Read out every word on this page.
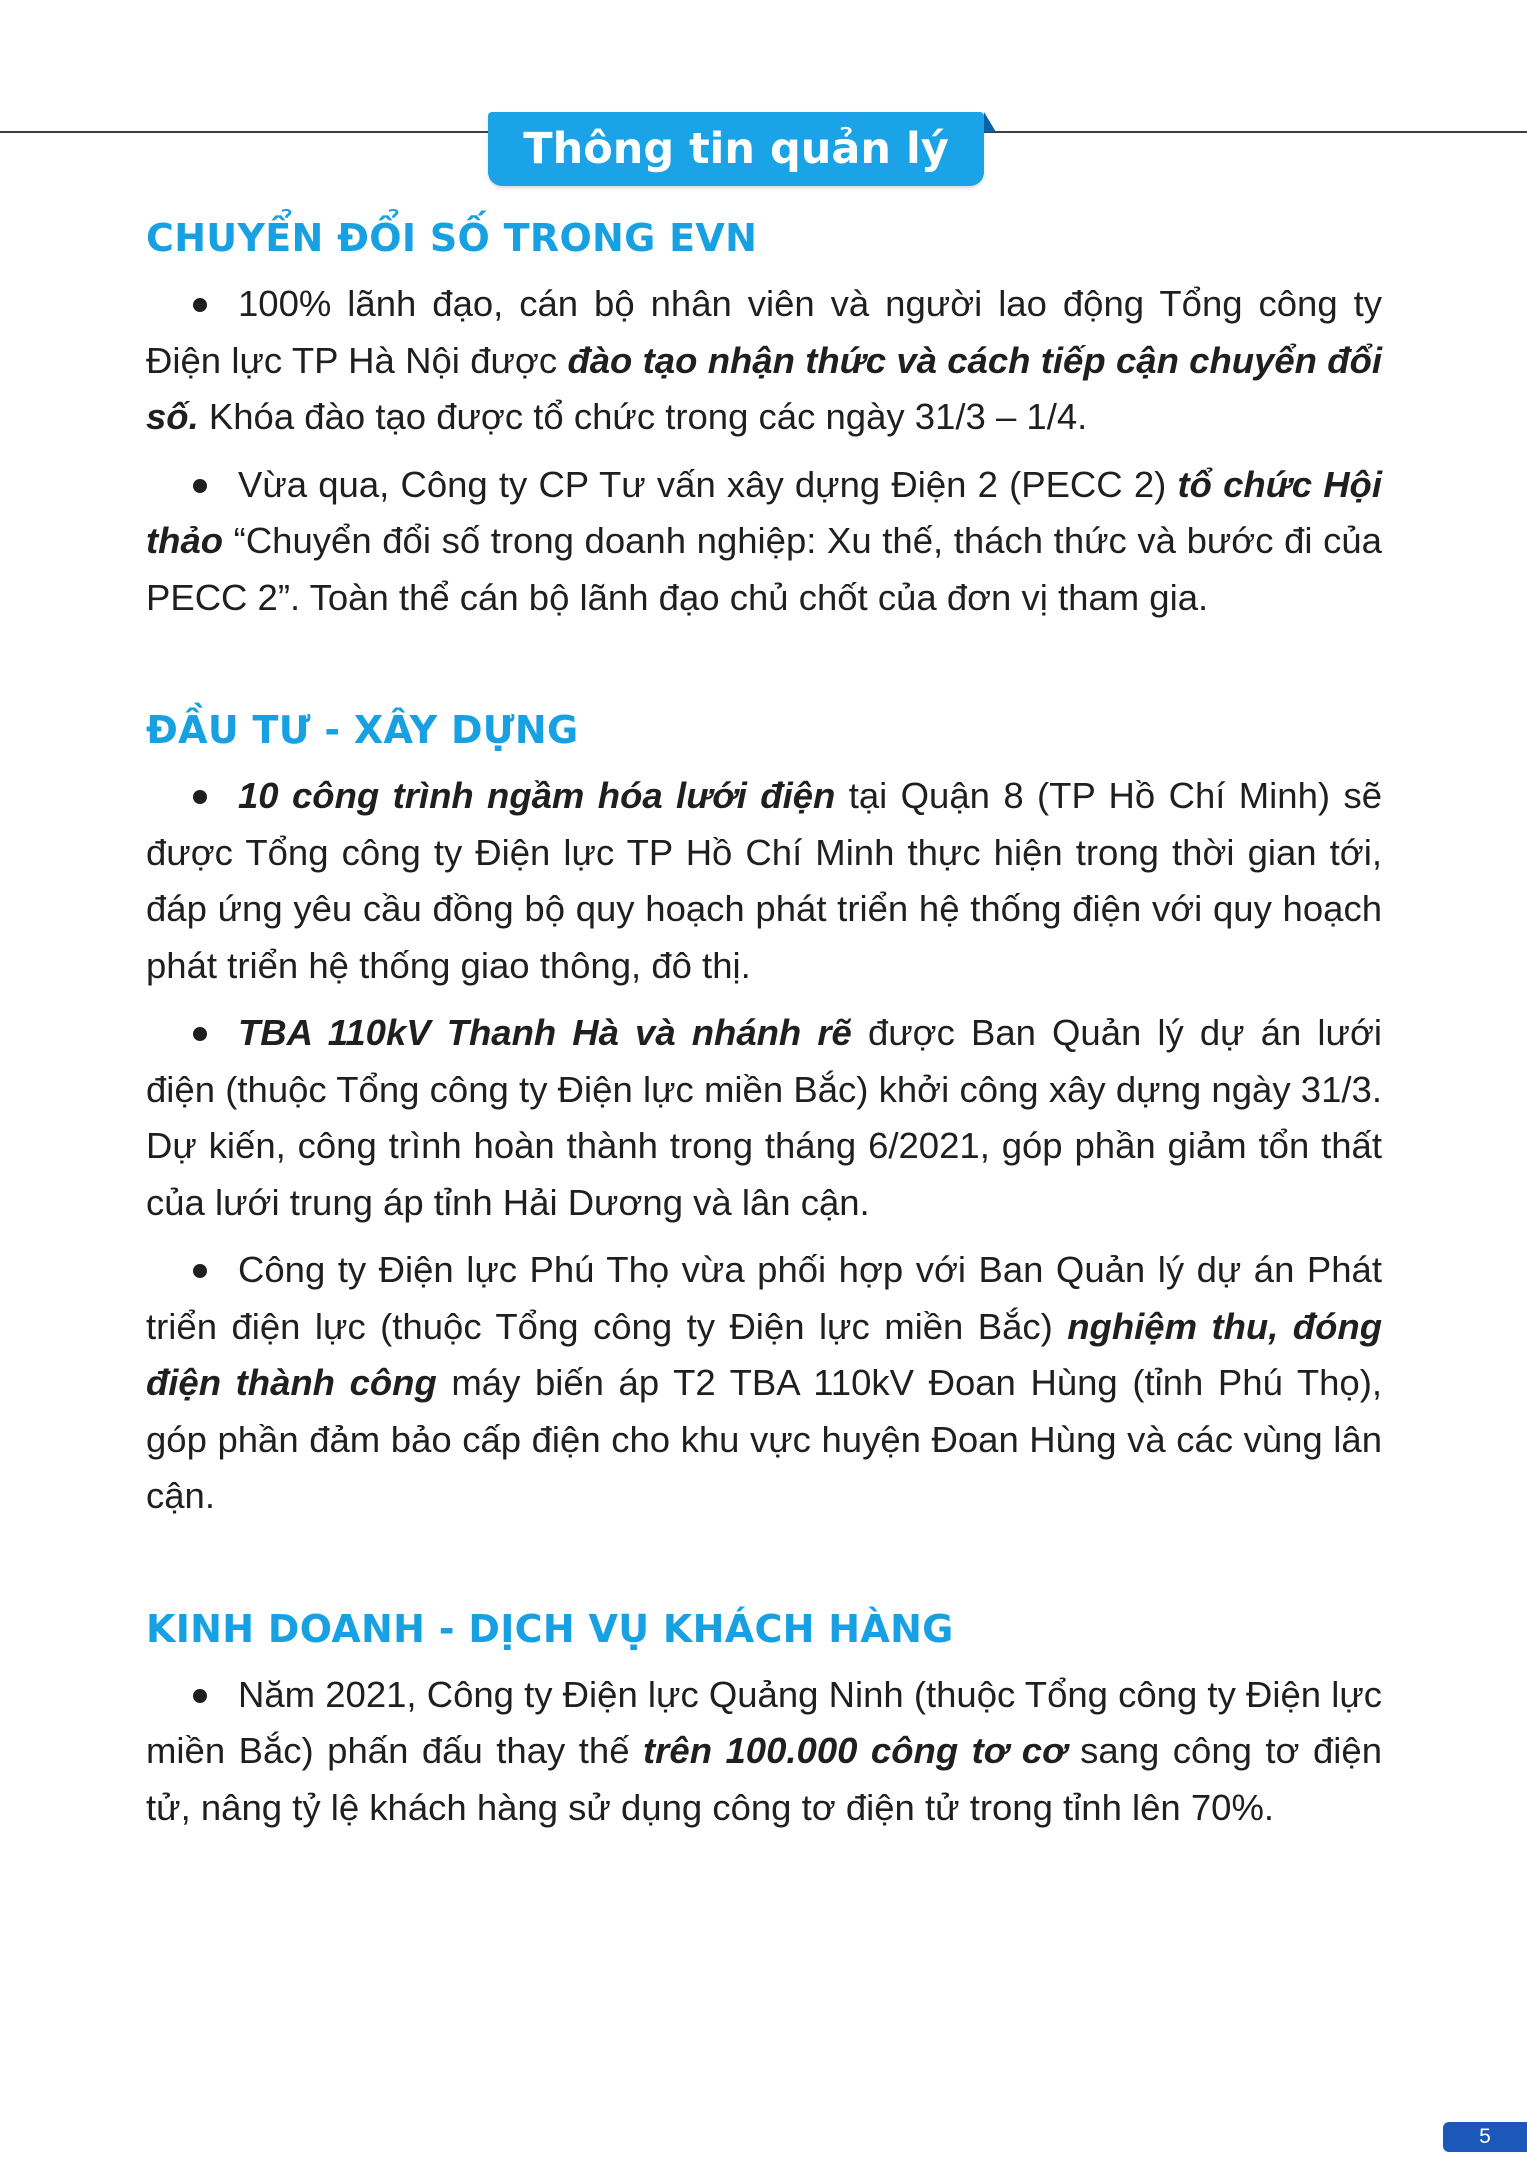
Thông tin quản lý
CHUYỂN ĐỔI SỐ TRONG EVN

100% lãnh đạo, cán bộ nhân viên và người lao động Tổng công ty Điện lực TP Hà Nội được đào tạo nhận thức và cách tiếp cận chuyển đổi số. Khóa đào tạo được tổ chức trong các ngày 31/3 – 1/4.

Vừa qua, Công ty CP Tư vấn xây dựng Điện 2 (PECC 2) tổ chức Hội thảo “Chuyển đổi số trong doanh nghiệp: Xu thế, thách thức và bước đi của PECC 2”. Toàn thể cán bộ lãnh đạo chủ chốt của đơn vị tham gia.

ĐẦU TƯ - XÂY DỰNG

10 công trình ngầm hóa lưới điện tại Quận 8 (TP Hồ Chí Minh) sẽ được Tổng công ty Điện lực TP Hồ Chí Minh thực hiện trong thời gian tới, đáp ứng yêu cầu đồng bộ quy hoạch phát triển hệ thống điện với quy hoạch phát triển hệ thống giao thông, đô thị.

TBA 110kV Thanh Hà và nhánh rẽ được Ban Quản lý dự án lưới điện (thuộc Tổng công ty Điện lực miền Bắc) khởi công xây dựng ngày 31/3. Dự kiến, công trình hoàn thành trong tháng 6/2021, góp phần giảm tổn thất của lưới trung áp tỉnh Hải Dương và lân cận.

Công ty Điện lực Phú Thọ vừa phối hợp với Ban Quản lý dự án Phát triển điện lực (thuộc Tổng công ty Điện lực miền Bắc) nghiệm thu, đóng điện thành công máy biến áp T2 TBA 110kV Đoan Hùng (tỉnh Phú Thọ), góp phần đảm bảo cấp điện cho khu vực huyện Đoan Hùng và các vùng lân cận.

KINH DOANH - DỊCH VỤ KHÁCH HÀNG

Năm 2021, Công ty Điện lực Quảng Ninh (thuộc Tổng công ty Điện lực miền Bắc) phấn đấu thay thế trên 100.000 công tơ cơ sang công tơ điện tử, nâng tỷ lệ khách hàng sử dụng công tơ điện tử trong tỉnh lên 70%.

5
